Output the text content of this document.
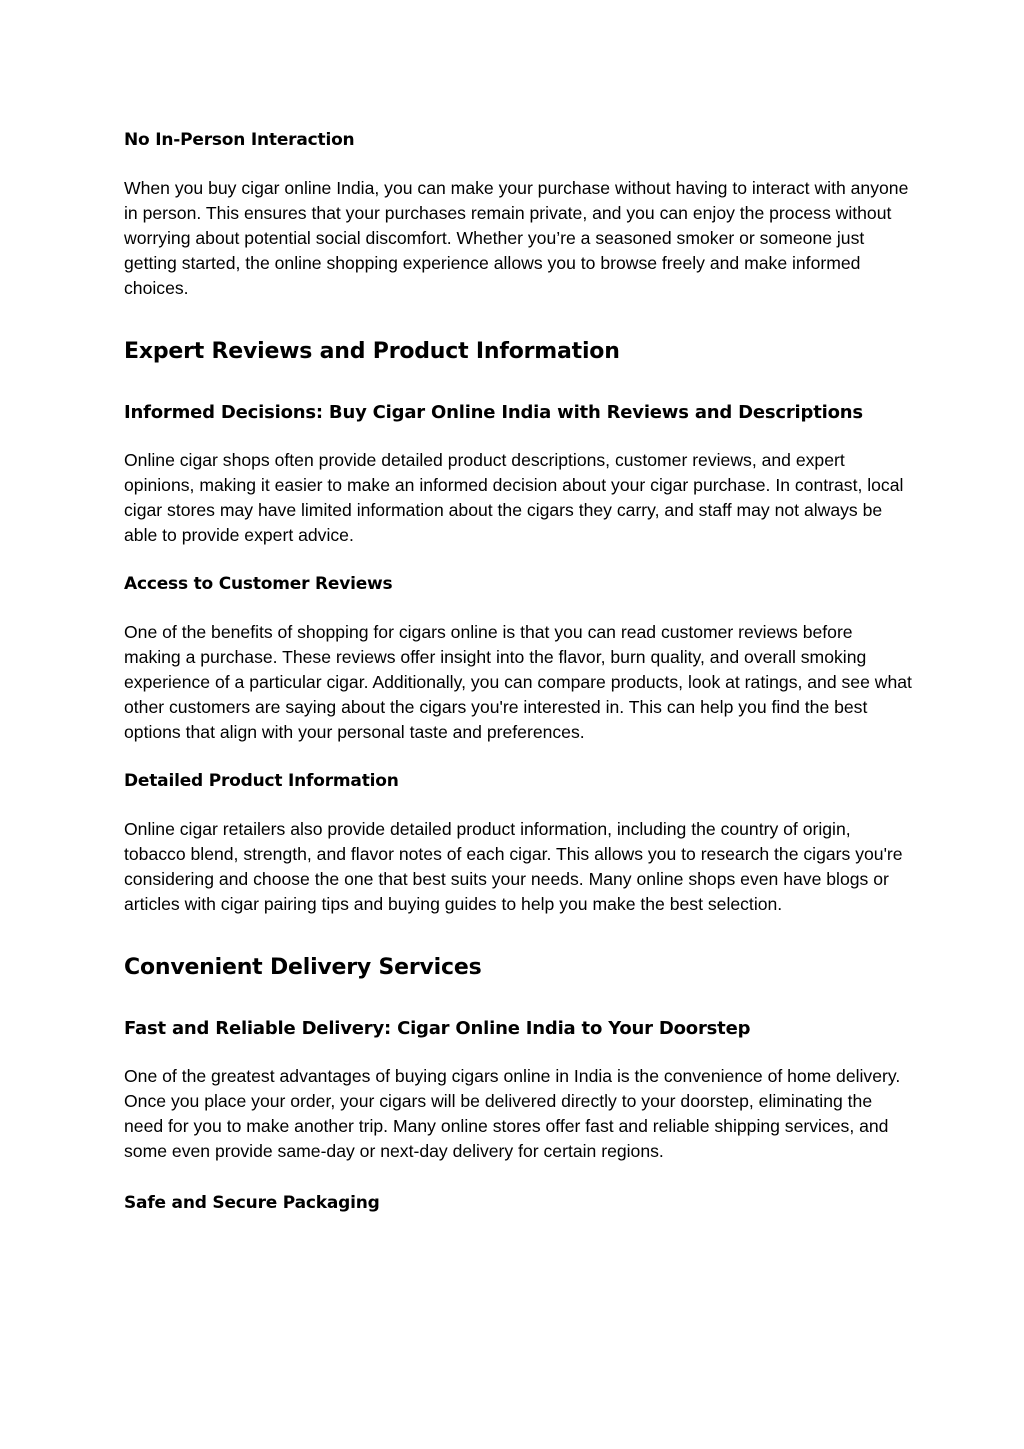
No In-Person Interaction

When you buy cigar online India, you can make your purchase without having to interact with anyone in person. This ensures that your purchases remain private, and you can enjoy the process without worrying about potential social discomfort. Whether you’re a seasoned smoker or someone just getting started, the online shopping experience allows you to browse freely and make informed choices.

Expert Reviews and Product Information
Informed Decisions: Buy Cigar Online India with Reviews and Descriptions

Online cigar shops often provide detailed product descriptions, customer reviews, and expert opinions, making it easier to make an informed decision about your cigar purchase. In contrast, local cigar stores may have limited information about the cigars they carry, and staff may not always be able to provide expert advice.

Access to Customer Reviews

One of the benefits of shopping for cigars online is that you can read customer reviews before making a purchase. These reviews offer insight into the flavor, burn quality, and overall smoking experience of a particular cigar. Additionally, you can compare products, look at ratings, and see what other customers are saying about the cigars you're interested in. This can help you find the best options that align with your personal taste and preferences.

Detailed Product Information

Online cigar retailers also provide detailed product information, including the country of origin, tobacco blend, strength, and flavor notes of each cigar. This allows you to research the cigars you're considering and choose the one that best suits your needs. Many online shops even have blogs or articles with cigar pairing tips and buying guides to help you make the best selection.

Convenient Delivery Services
Fast and Reliable Delivery: Cigar Online India to Your Doorstep

One of the greatest advantages of buying cigars online in India is the convenience of home delivery. Once you place your order, your cigars will be delivered directly to your doorstep, eliminating the need for you to make another trip. Many online stores offer fast and reliable shipping services, and some even provide same-day or next-day delivery for certain regions.

Safe and Secure Packaging
